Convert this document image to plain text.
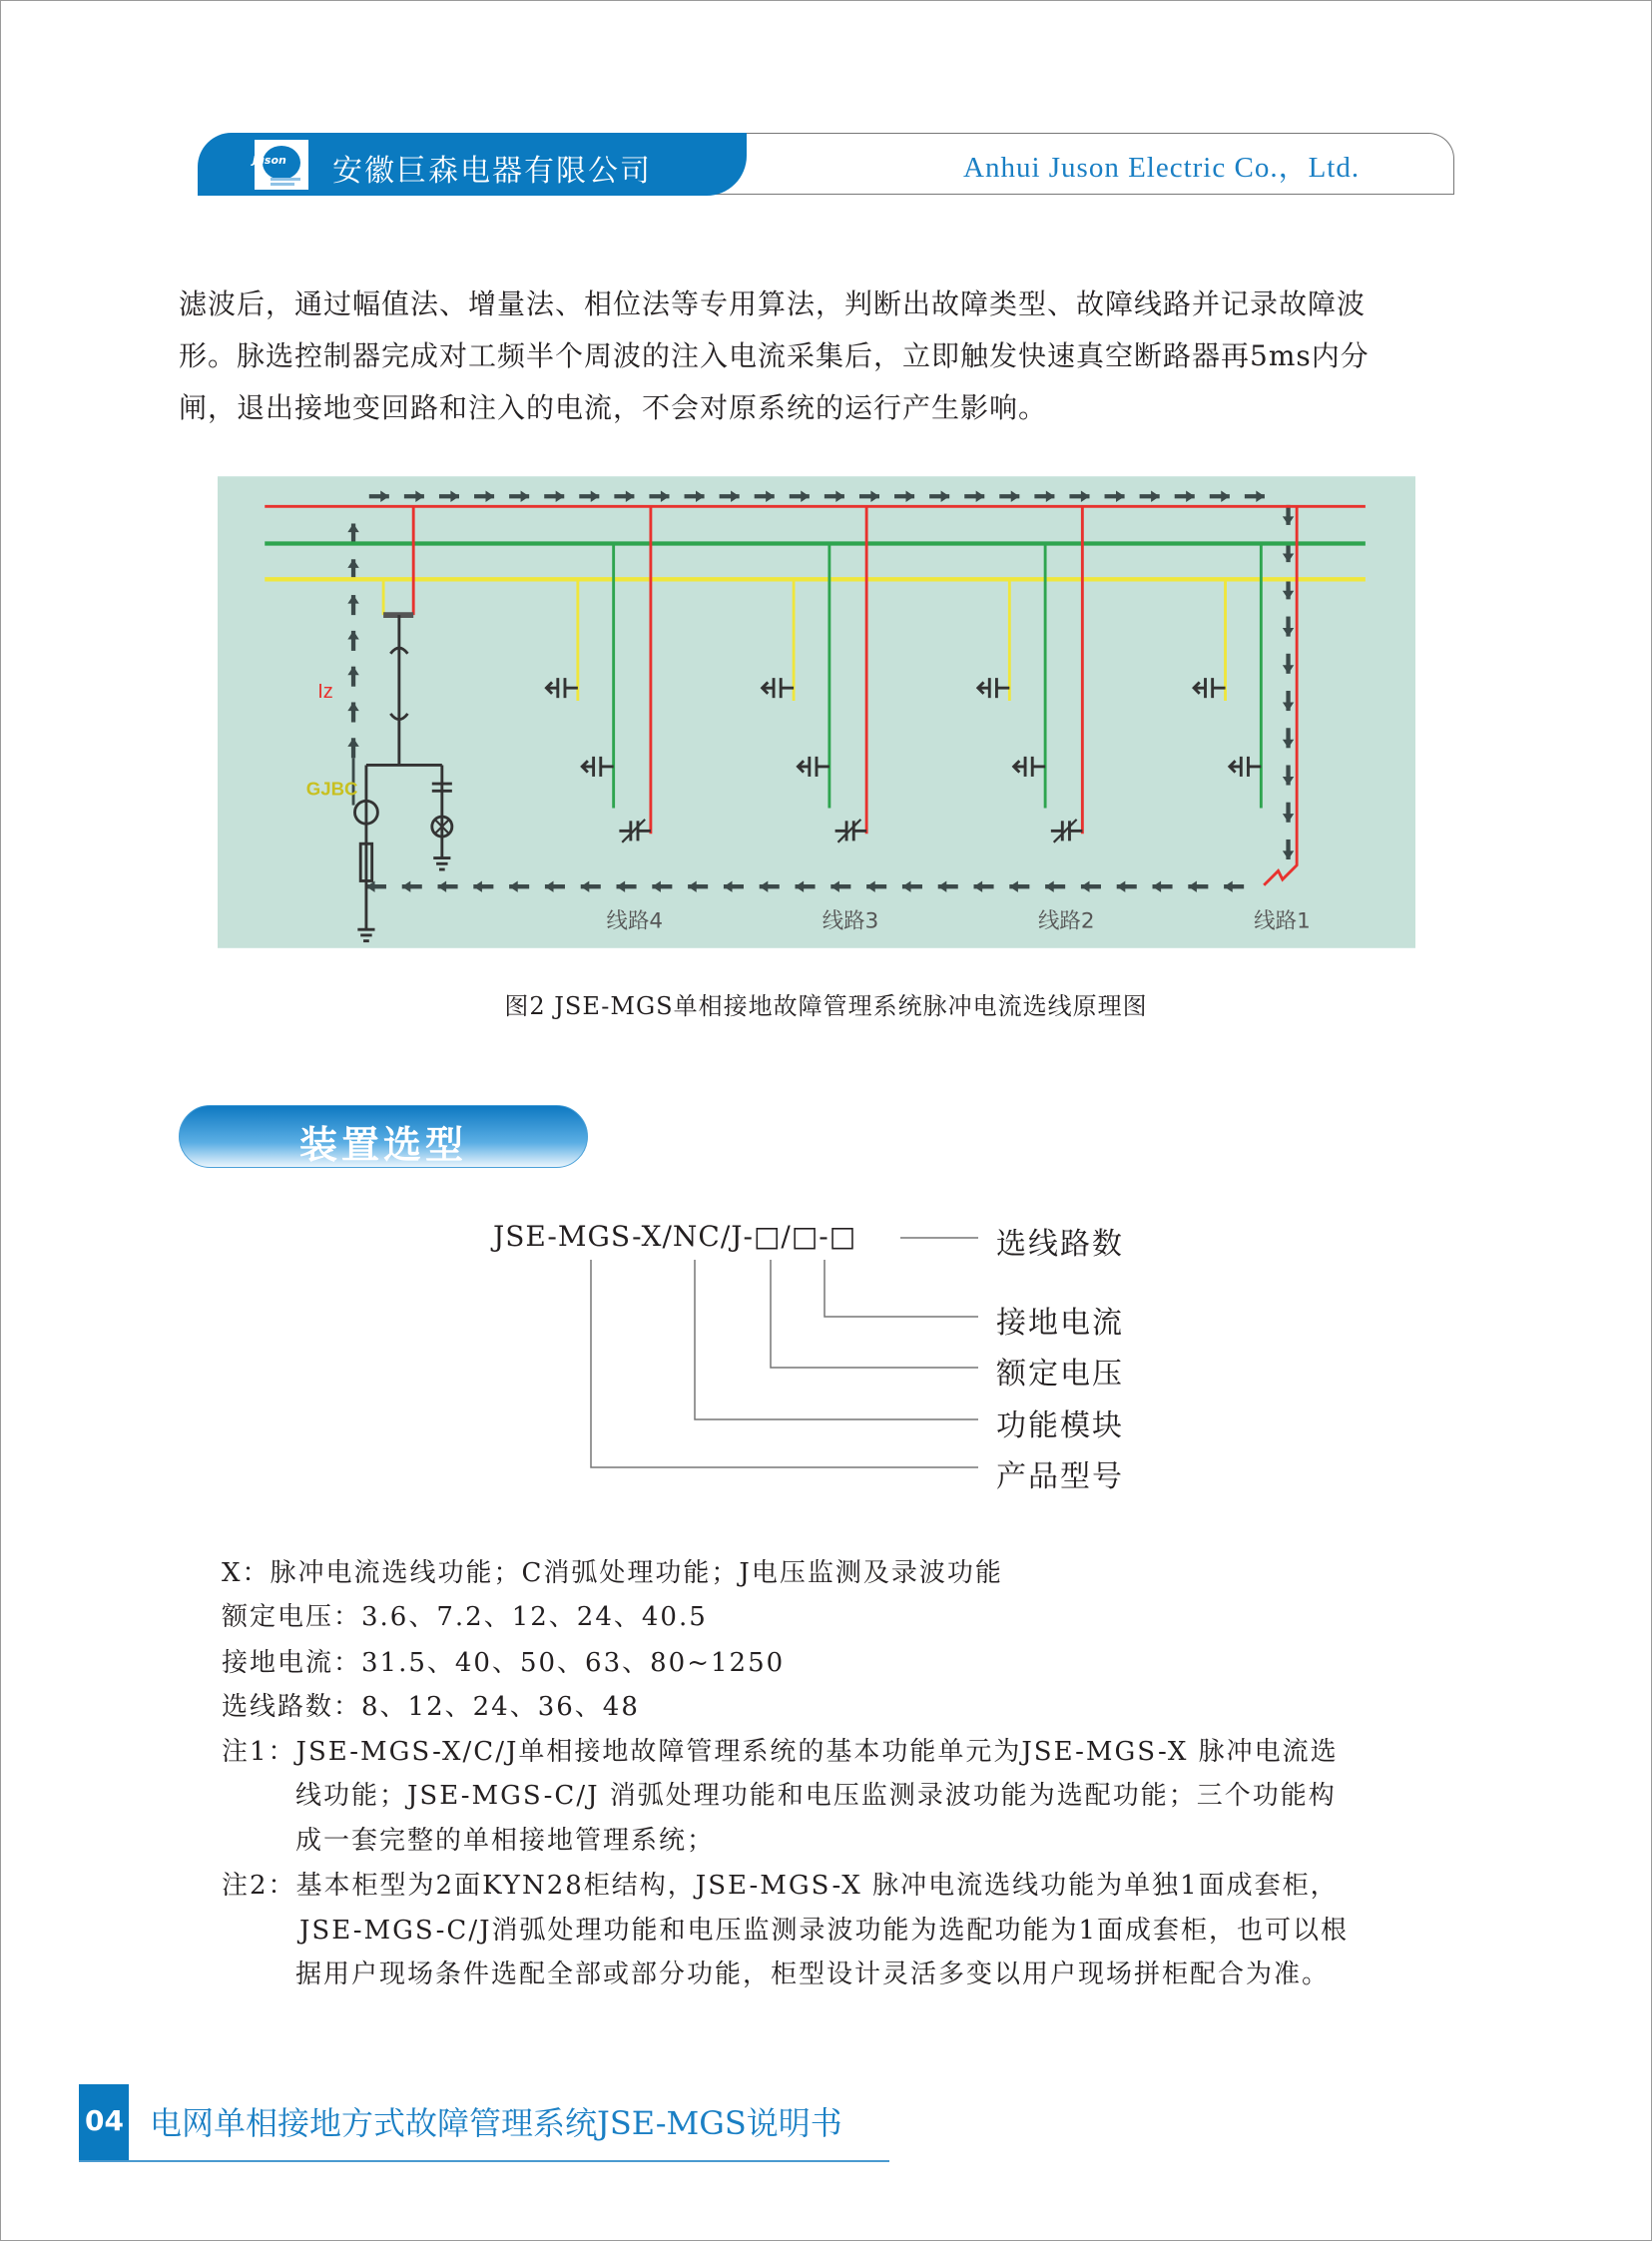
Juson 安徽巨森电器有限公司	Anhui Juson Electric Co.，Ltd.
滤波后，通过幅值法、增量法、相位法等专用算法，判断出故障类型、故障线路并记录故障波
形。脉选控制器完成对工频半个周波的注入电流采集后，立即触发快速真空断路器再5ms内分
闸，退出接地变回路和注入的电流，不会对原系统的运行产生影响。
Iz
GJBC
线路4	线路3	线路2	线路1
图2 JSE-MGS单相接地故障管理系统脉冲电流选线原理图
装置选型
JSE-MGS-X/NC/J-□/□-□	选线路数
接地电流
额定电压
功能模块
产品型号
X：脉冲电流选线功能；C消弧处理功能；J电压监测及录波功能
额定电压：3.6、7.2、12、24、40.5
接地电流：31.5、40、50、63、80~1250
选线路数：8、12、24、36、48
注1：JSE-MGS-X/C/J单相接地故障管理系统的基本功能单元为JSE-MGS-X 脉冲电流选
线功能；JSE-MGS-C/J 消弧处理功能和电压监测录波功能为选配功能；三个功能构
成一套完整的单相接地管理系统；
注2：基本柜型为2面KYN28柜结构，JSE-MGS-X 脉冲电流选线功能为单独1面成套柜，
JSE-MGS-C/J消弧处理功能和电压监测录波功能为选配功能为1面成套柜，也可以根
据用户现场条件选配全部或部分功能，柜型设计灵活多变以用户现场拼柜配合为准。
04 电网单相接地方式故障管理系统JSE-MGS说明书
